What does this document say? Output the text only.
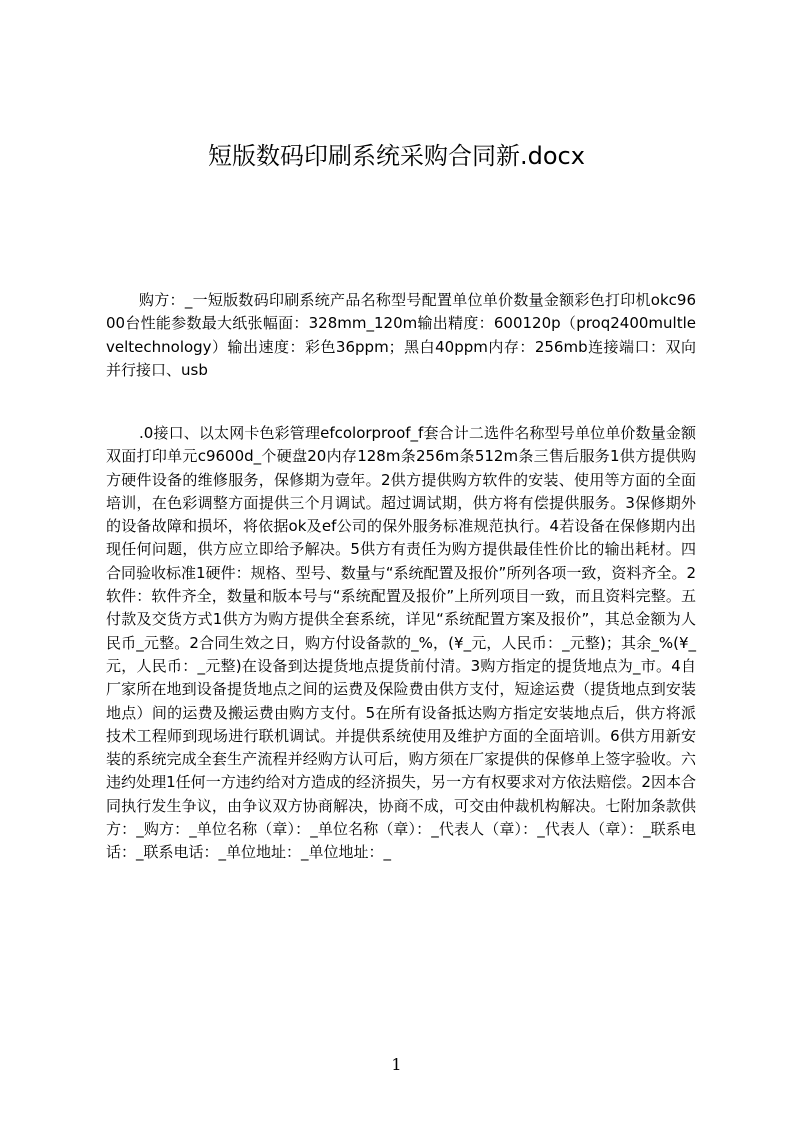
短版数码印刷系统采购合同新.docx

购方：_一短版数码印刷系统产品名称型号配置单位单价数量金额彩色打印机okc9600台性能参数最大纸张幅面：328mm_120m输出精度：600120p（proq2400multleveltechnology）输出速度：彩色36ppm；黑白40ppm内存：256mb连接端口：双向并行接口、usb

.0接口、以太网卡色彩管理efcolorproof_f套合计二选件名称型号单位单价数量金额双面打印单元c9600d_个硬盘20内存128m条256m条512m条三售后服务1供方提供购方硬件设备的维修服务，保修期为壹年。2供方提供购方软件的安装、使用等方面的全面培训，在色彩调整方面提供三个月调试。超过调试期，供方将有偿提供服务。3保修期外的设备故障和损坏，将依据ok及ef公司的保外服务标准规范执行。4若设备在保修期内出现任何问题，供方应立即给予解决。5供方有责任为购方提供最佳性价比的输出耗材。四合同验收标准1硬件：规格、型号、数量与“系统配置及报价”所列各项一致，资料齐全。2软件：软件齐全，数量和版本号与“系统配置及报价”上所列项目一致，而且资料完整。五付款及交货方式1供方为购方提供全套系统，详见“系统配置方案及报价”，其总金额为人民币_元整。2合同生效之日，购方付设备款的_%，(¥_元，人民币：_元整)；其余_%(¥_元，人民币：_元整)在设备到达提货地点提货前付清。3购方指定的提货地点为_市。4自厂家所在地到设备提货地点之间的运费及保险费由供方支付，短途运费（提货地点到安装地点）间的运费及搬运费由购方支付。5在所有设备抵达购方指定安装地点后，供方将派技术工程师到现场进行联机调试。并提供系统使用及维护方面的全面培训。6供方用新安装的系统完成全套生产流程并经购方认可后，购方须在厂家提供的保修单上签字验收。六违约处理1任何一方违约给对方造成的经济损失，另一方有权要求对方依法赔偿。2因本合同执行发生争议，由争议双方协商解决，协商不成，可交由仲裁机构解决。七附加条款供方：_购方：_单位名称（章）：_单位名称（章）：_代表人（章）：_代表人（章）：_联系电话：_联系电话：_单位地址：_单位地址：_

1
